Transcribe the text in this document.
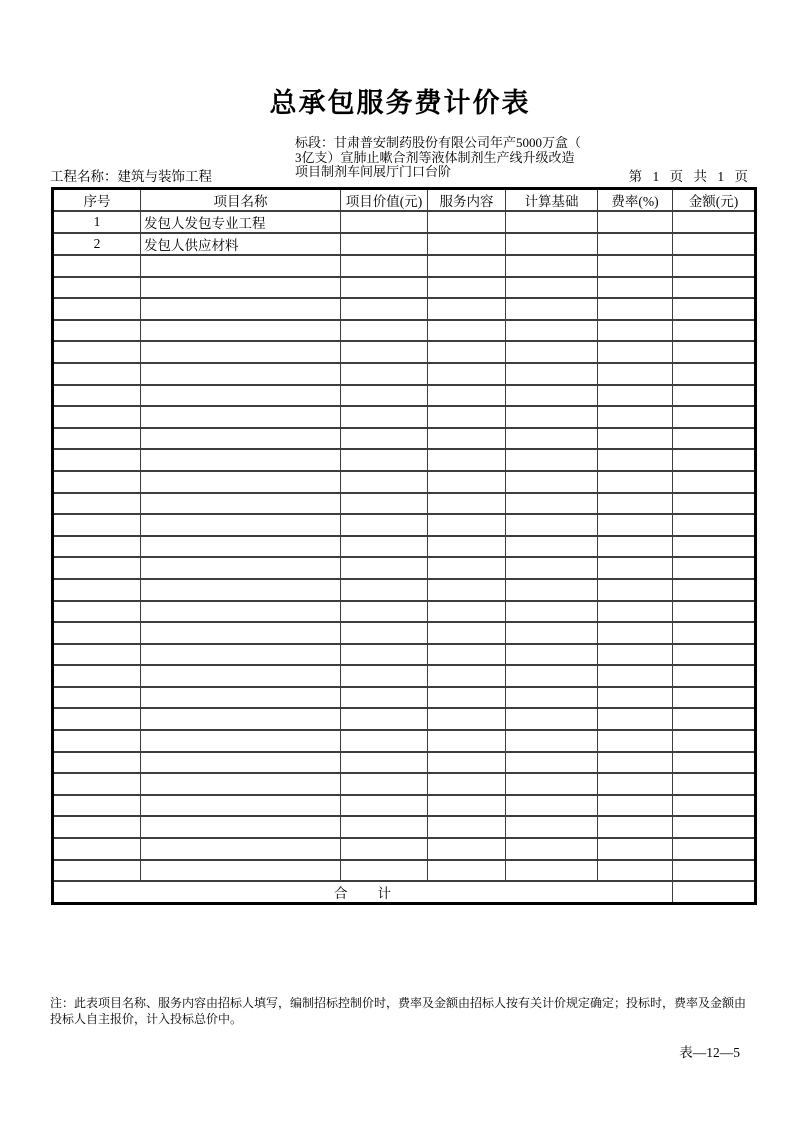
总承包服务费计价表
标段：甘肃普安制药股份有限公司年产5000万盒（
3亿支）宣肺止嗽合剂等液体制剂生产线升级改造
项目制剂车间展厅门口台阶
工程名称：建筑与装饰工程	第 1 页 共 1 页
序号	项目名称	项目价值(元)	服务内容	计算基础	费率(%)	金额(元)
1	发包人发包专业工程					
2	发包人供应材料					

合　　计						
注：此表项目名称、服务内容由招标人填写，编制招标控制价时，费率及金额由招标人按有关计价规定确定；投标时，费率及金额由投标人自主报价，计入投标总价中。
表—12—5
